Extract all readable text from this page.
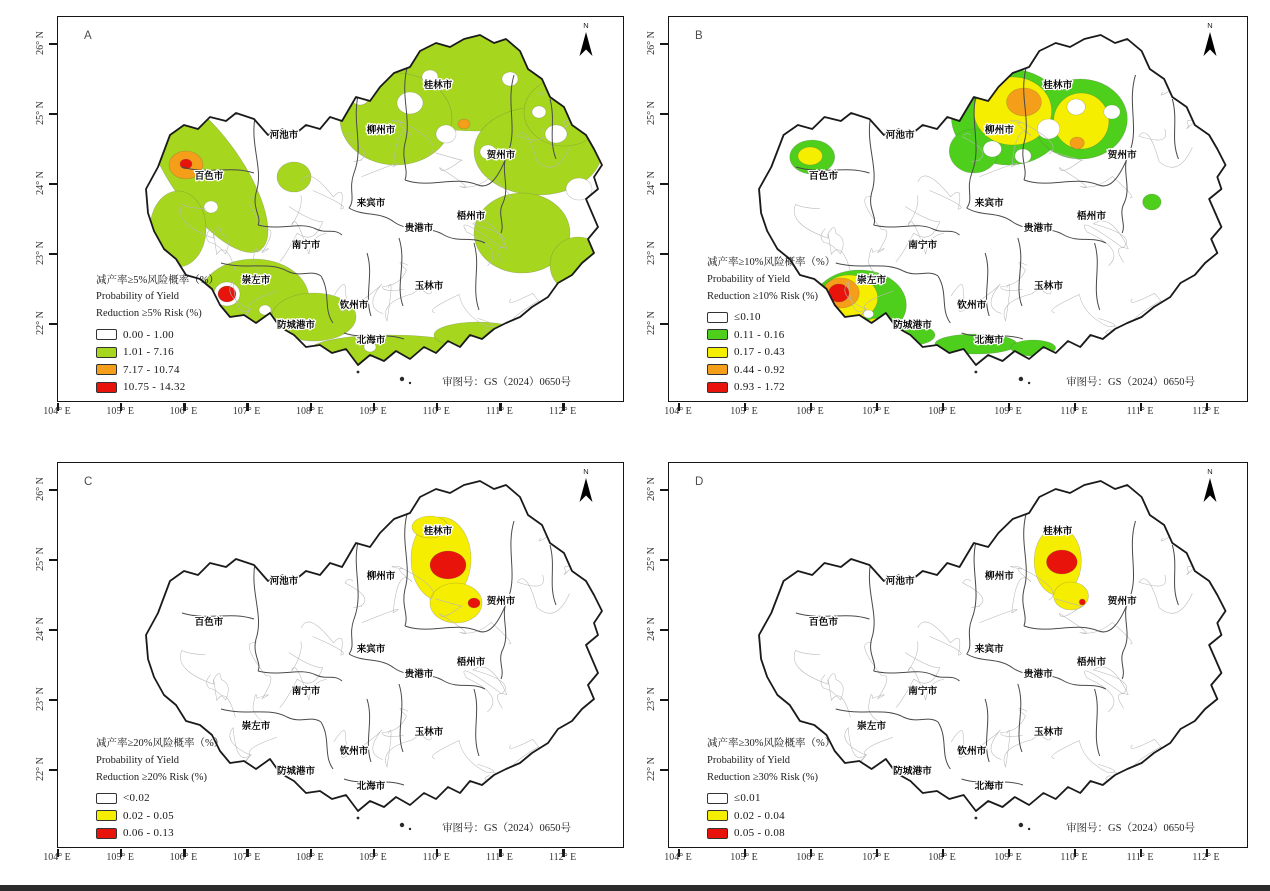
百色市
河池市	柳州市
桂林市
贺州市
来宾市
梧州市
贵港市
南宁市
玉林市
崇左市
钦州市
防城港市
北海市
A
N
减产率≥5%风险概率（%）
Probability of Yield
Reduction ≥5% Risk (%)
0.00 - 1.00
1.01 - 7.16
7.17 - 10.74
10.75 - 14.32	审图号：GS（2024）0650号
104° E	105° E	106° E	107° E	108° E	109° E	110° E	111° E	112° E
26° N
25° N
24° N
23° N
22° N
百色市
河池市	柳州市
桂林市
贺州市
来宾市
梧州市
贵港市
南宁市
玉林市
崇左市
钦州市
防城港市
北海市
B
N
减产率≥10%风险概率（%）
Probability of Yield
Reduction ≥10% Risk (%)
≤0.10
0.11 - 0.16
0.17 - 0.43
0.44 - 0.92
0.93 - 1.72	审图号：GS（2024）0650号
104° E	105° E	106° E	107° E	108° E	109° E	110° E	111° E	112° E
26° N
25° N
24° N
23° N
22° N
百色市
河池市	柳州市
桂林市
贺州市
来宾市
梧州市
贵港市
南宁市
玉林市
崇左市
钦州市
防城港市
北海市
C
N
减产率≥20%风险概率（%）
Probability of Yield
Reduction ≥20% Risk (%)
<0.02
0.02 - 0.05
0.06 - 0.13	审图号：GS（2024）0650号
104° E	105° E	106° E	107° E	108° E	109° E	110° E	111° E	112° E
26° N
25° N
24° N
23° N
22° N
百色市
河池市	柳州市
桂林市
贺州市
来宾市
梧州市
贵港市
南宁市
玉林市
崇左市
钦州市
防城港市
北海市
D
N
减产率≥30%风险概率（%）
Probability of Yield
Reduction ≥30% Risk (%)
≤0.01
0.02 - 0.04
0.05 - 0.08	审图号：GS（2024）0650号
104° E	105° E	106° E	107° E	108° E	109° E	110° E	111° E	112° E
26° N
25° N
24° N
23° N
22° N
